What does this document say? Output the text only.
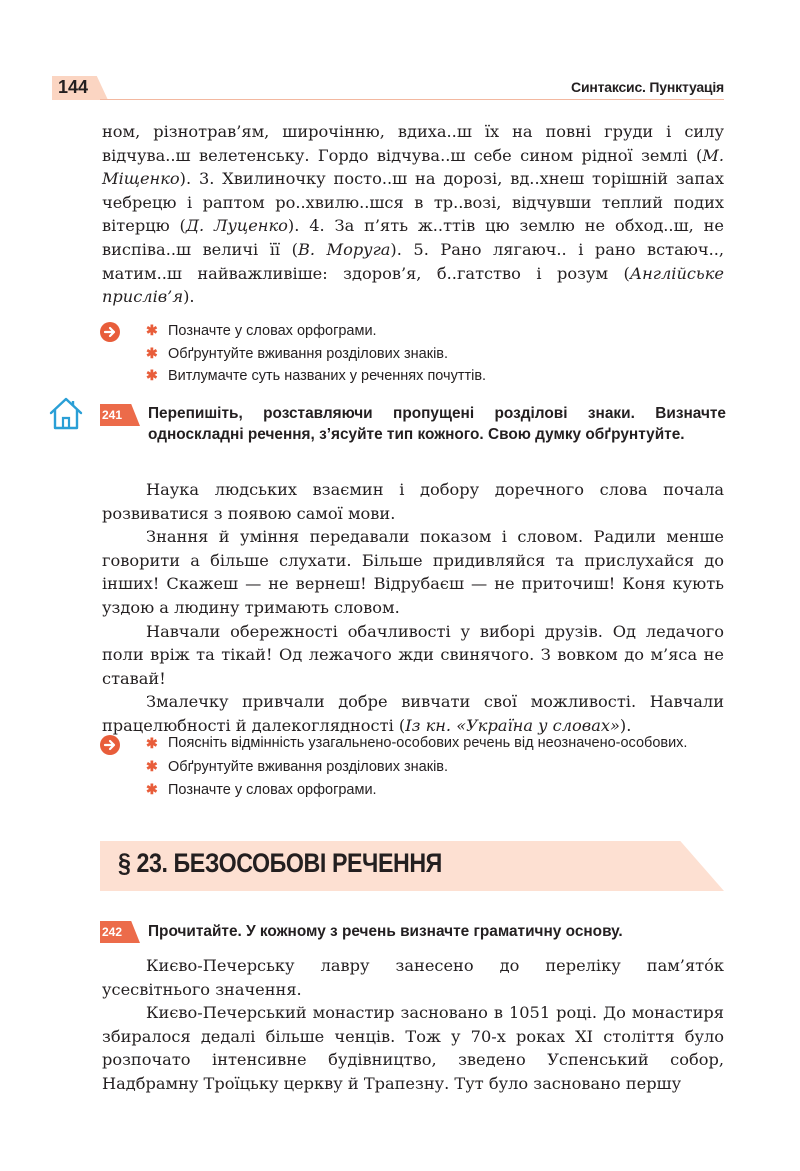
144	Синтаксис. Пунктуація

ном, різнотрав’ям, широчінню, вдиха..ш їх на повні груди і силу відчува..ш велетенську. Гордо відчува..ш себе сином рідної землі (М. Міщенко). 3. Хвилиночку посто..ш на дорозі, вд..хнеш торішній запах чебрецю і раптом ро..хвилю..шся в тр..возі, відчувши теплий подих вітерцю (Д. Луценко). 4. За п’ять ж..ттів цю землю не обход..ш, не виспіва..ш величі її (В. Моруга). 5. Рано лягаюч.. і рано встаюч.., матим..ш найважливіше: здоров’я, б..гатство і розум (Англійське прислів’я).

✱ Позначте у словах орфограми.
✱ Обґрунтуйте вживання розділових знаків.
✱ Витлумачте суть названих у реченнях почуттів.
241 Перепишіть, розставляючи пропущені розділові знаки. Визначте односкладні речення, з’ясуйте тип кожного. Свою думку обґрунтуйте.

Наука людських взаємин і добору доречного слова почала розвиватися з появою самої мови.

Знання й уміння передавали показом і словом. Радили менше говорити а більше слухати. Більше придивляйся та прислухайся до інших! Скажеш — не вернеш! Відрубаєш — не приточиш! Коня кують уздою а людину тримають словом.

Навчали обережності обачливості у виборі друзів. Од ледачого поли вріж та тікай! Од лежачого жди свинячого. З вовком до м’яса не ставай!

Змалечку привчали добре вивчати свої можливості. Навчали працелюбності й далекоглядності (Із кн. «Україна у словах»).

✱ Поясніть відмінність узагальнено-особових речень від неозначено-особових.
✱ Обґрунтуйте вживання розділових знаків.
✱ Позначте у словах орфограми.
§ 23. БЕЗОСОБОВІ РЕЧЕННЯ
242 Прочитайте. У кожному з речень визначте граматичну основу.

Києво-Печерську лавру занесено до переліку пам’ято́к усесвітнього значення.

Києво-Печерський монастир засновано в 1051 році. До монастиря збиралося дедалі більше ченців. Тож у 70-х роках XI століття було розпочато інтенсивне будівництво, зведено Успенський собор, Надбрамну Троїцьку церкву й Трапезну. Тут було засновано першу
